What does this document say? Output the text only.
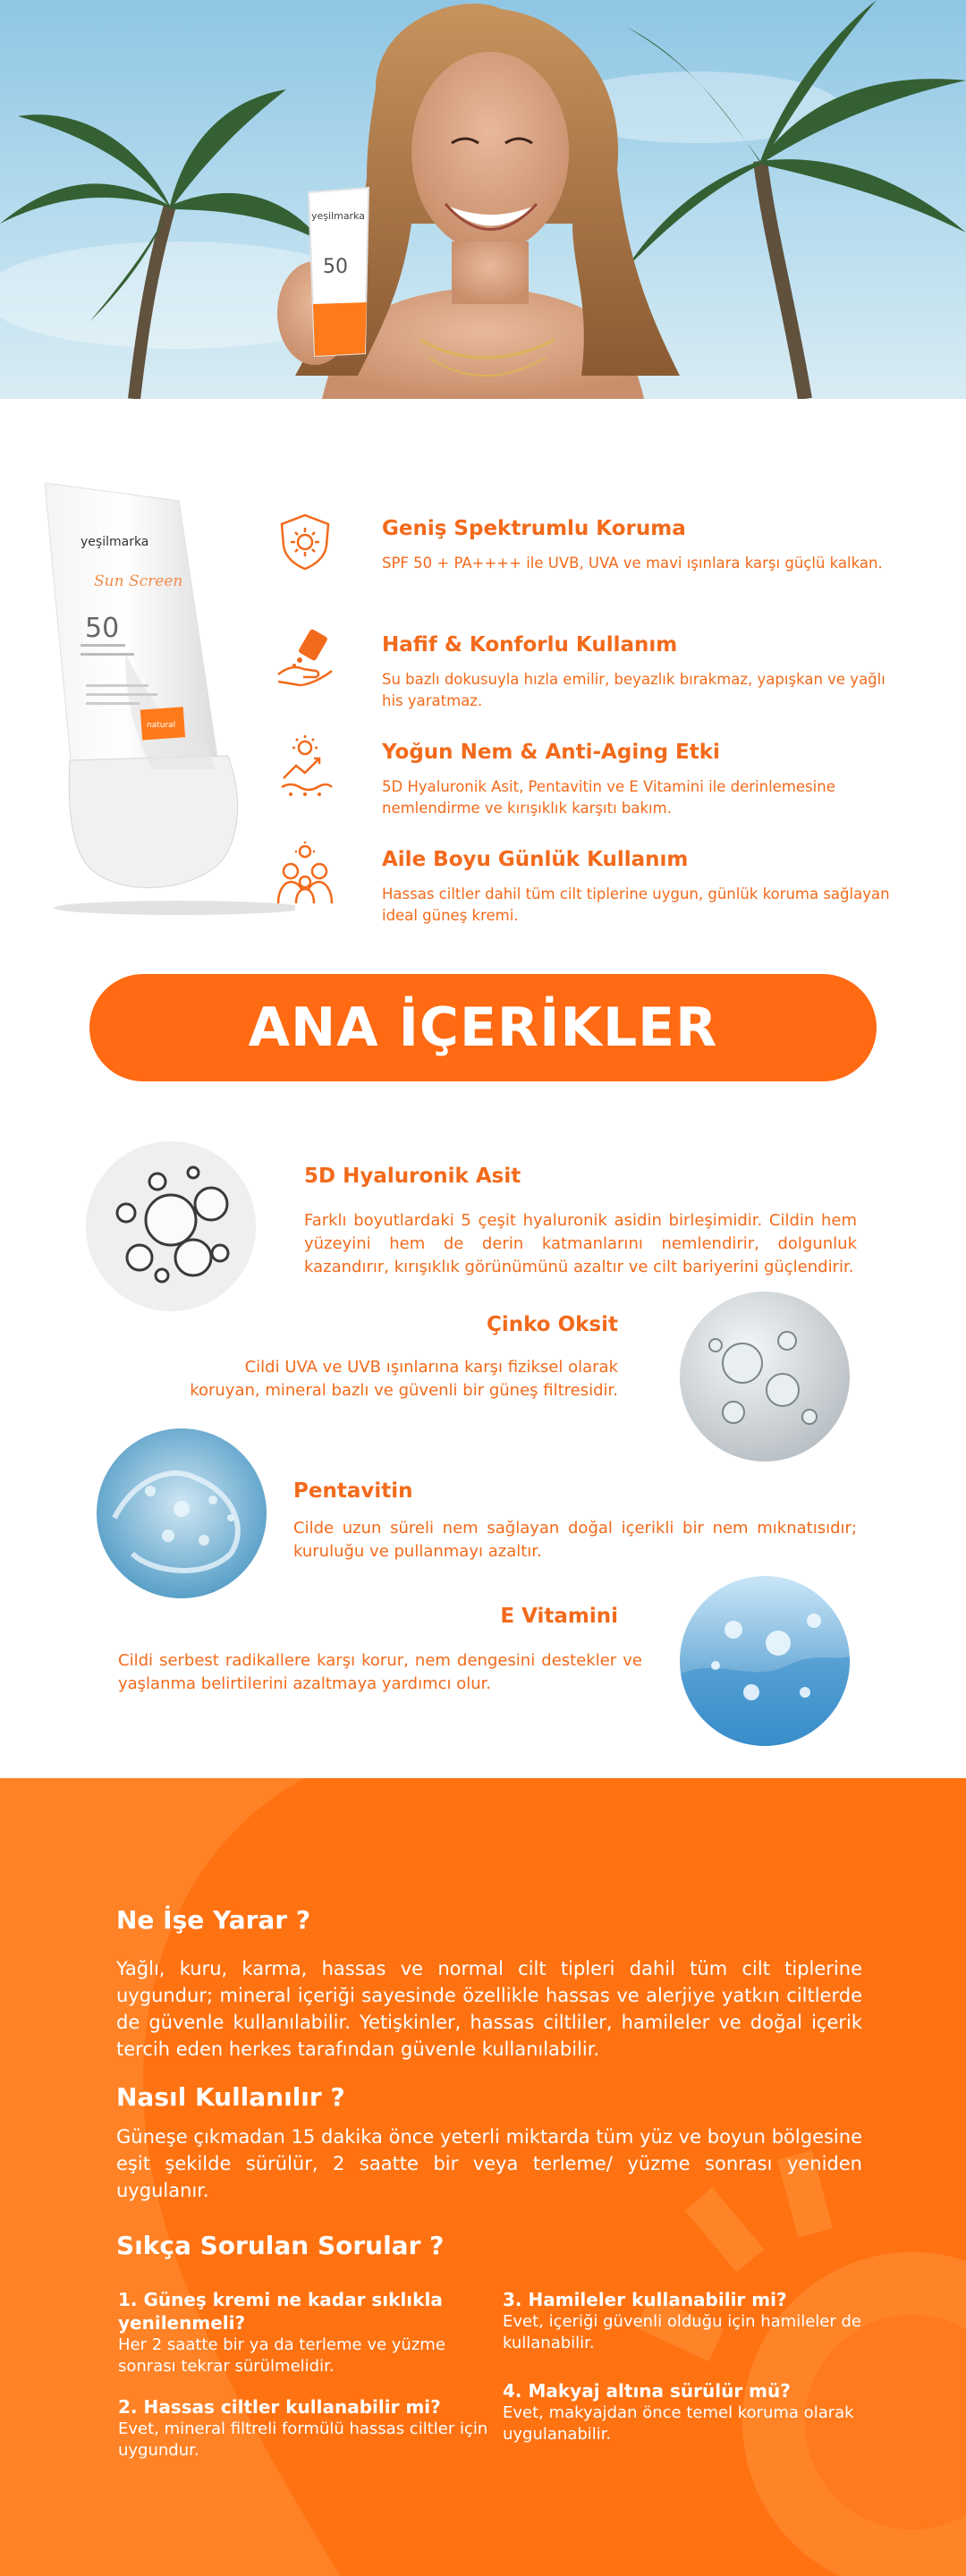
yeşilmarka
50
yeşilmarka
Sun Screen
50
natural
Geniş Spektrumlu Koruma

SPF 50 + PA++++ ile UVB, UVA ve mavi ışınlara karşı güçlü kalkan.

Hafif & Konforlu Kullanım

Su bazlı dokusuyla hızla emilir, beyazlık bırakmaz, yapışkan ve yağlı his yaratmaz.

Yoğun Nem & Anti-Aging Etki

5D Hyaluronik Asit, Pentavitin ve E Vitamini ile derinlemesine nemlendirme ve kırışıklık karşıtı bakım.

Aile Boyu Günlük Kullanım

Hassas ciltler dahil tüm cilt tiplerine uygun, günlük koruma sağlayan ideal güneş kremi.

ANA İÇERİKLER
5D Hyaluronik Asit
Farklı boyutlardaki 5 çeşit hyaluronik asidin birleşimidir. Cildin hem yüzeyini hem de derin katmanlarını nemlendirir, dolgunluk kazandırır, kırışıklık görünümünü azaltır ve cilt bariyerini güçlendirir.
Çinko Oksit
Cildi UVA ve UVB ışınlarına karşı fiziksel olarak koruyan, mineral bazlı ve güvenli bir güneş filtresidir.
Pentavitin
Cilde uzun süreli nem sağlayan doğal içerikli bir nem mıknatısıdır; kuruluğu ve pullanmayı azaltır.
E Vitamini
Cildi serbest radikallere karşı korur, nem dengesini destekler ve yaşlanma belirtilerini azaltmaya yardımcı olur.
Ne İşe Yarar ?
Yağlı, kuru, karma, hassas ve normal cilt tipleri dahil tüm cilt tiplerine uygundur; mineral içeriği sayesinde özellikle hassas ve alerjiye yatkın ciltlerde de güvenle kullanılabilir. Yetişkinler, hassas ciltliler, hamileler ve doğal içerik tercih eden herkes tarafından güvenle kullanılabilir.
Nasıl Kullanılır ?
Güneşe çıkmadan 15 dakika önce yeterli miktarda tüm yüz ve boyun bölgesine eşit şekilde sürülür, 2 saatte bir veya terleme/ yüzme sonrası yeniden uygulanır.
Sıkça Sorulan Sorular ?
1. Güneş kremi ne kadar sıklıkla yenilenmeli?
Her 2 saatte bir ya da terleme ve yüzme sonrası tekrar sürülmelidir.
2. Hassas ciltler kullanabilir mi?
Evet, mineral filtreli formülü hassas ciltler için uygundur.
3. Hamileler kullanabilir mi?
Evet, içeriği güvenli olduğu için hamileler de kullanabilir.
4. Makyaj altına sürülür mü?
Evet, makyajdan önce temel koruma olarak uygulanabilir.
